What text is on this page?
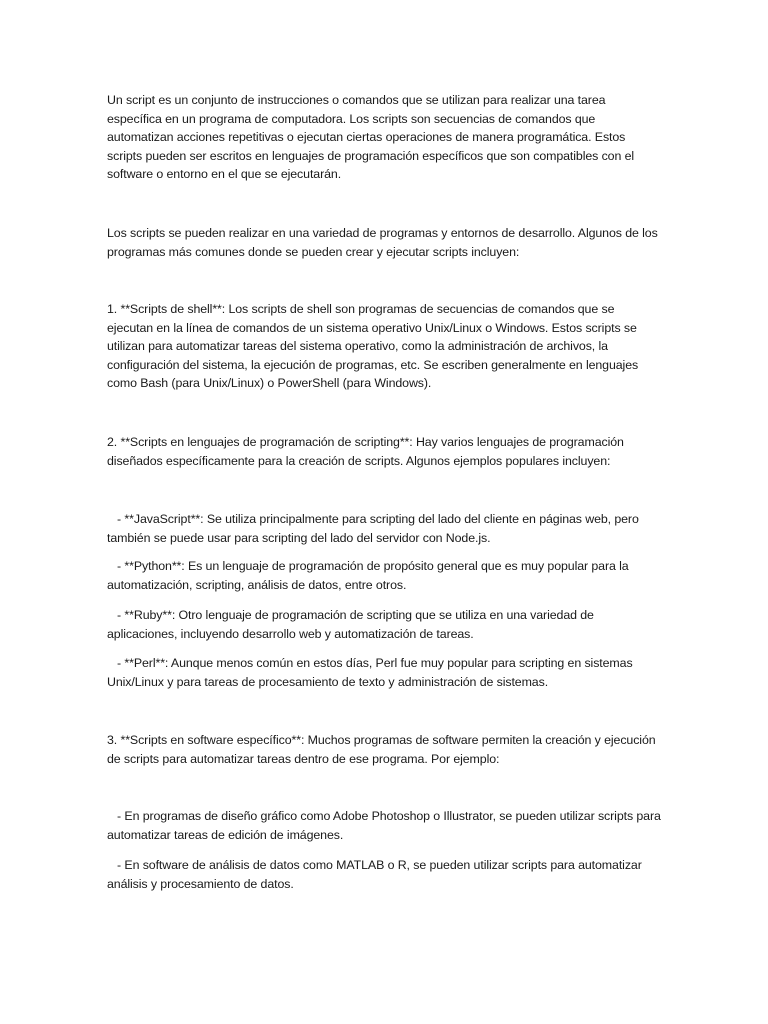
Un script es un conjunto de instrucciones o comandos que se utilizan para realizar una tarea específica en un programa de computadora. Los scripts son secuencias de comandos que automatizan acciones repetitivas o ejecutan ciertas operaciones de manera programática. Estos scripts pueden ser escritos en lenguajes de programación específicos que son compatibles con el software o entorno en el que se ejecutarán.

Los scripts se pueden realizar en una variedad de programas y entornos de desarrollo. Algunos de los programas más comunes donde se pueden crear y ejecutar scripts incluyen:

1. **Scripts de shell**: Los scripts de shell son programas de secuencias de comandos que se ejecutan en la línea de comandos de un sistema operativo Unix/Linux o Windows. Estos scripts se utilizan para automatizar tareas del sistema operativo, como la administración de archivos, la configuración del sistema, la ejecución de programas, etc. Se escriben generalmente en lenguajes como Bash (para Unix/Linux) o PowerShell (para Windows).

2. **Scripts en lenguajes de programación de scripting**: Hay varios lenguajes de programación diseñados específicamente para la creación de scripts. Algunos ejemplos populares incluyen:

- **JavaScript**: Se utiliza principalmente para scripting del lado del cliente en páginas web, pero también se puede usar para scripting del lado del servidor con Node.js.

- **Python**: Es un lenguaje de programación de propósito general que es muy popular para la automatización, scripting, análisis de datos, entre otros.

- **Ruby**: Otro lenguaje de programación de scripting que se utiliza en una variedad de aplicaciones, incluyendo desarrollo web y automatización de tareas.

- **Perl**: Aunque menos común en estos días, Perl fue muy popular para scripting en sistemas Unix/Linux y para tareas de procesamiento de texto y administración de sistemas.

3. **Scripts en software específico**: Muchos programas de software permiten la creación y ejecución de scripts para automatizar tareas dentro de ese programa. Por ejemplo:

- En programas de diseño gráfico como Adobe Photoshop o Illustrator, se pueden utilizar scripts para automatizar tareas de edición de imágenes.

- En software de análisis de datos como MATLAB o R, se pueden utilizar scripts para automatizar análisis y procesamiento de datos.
